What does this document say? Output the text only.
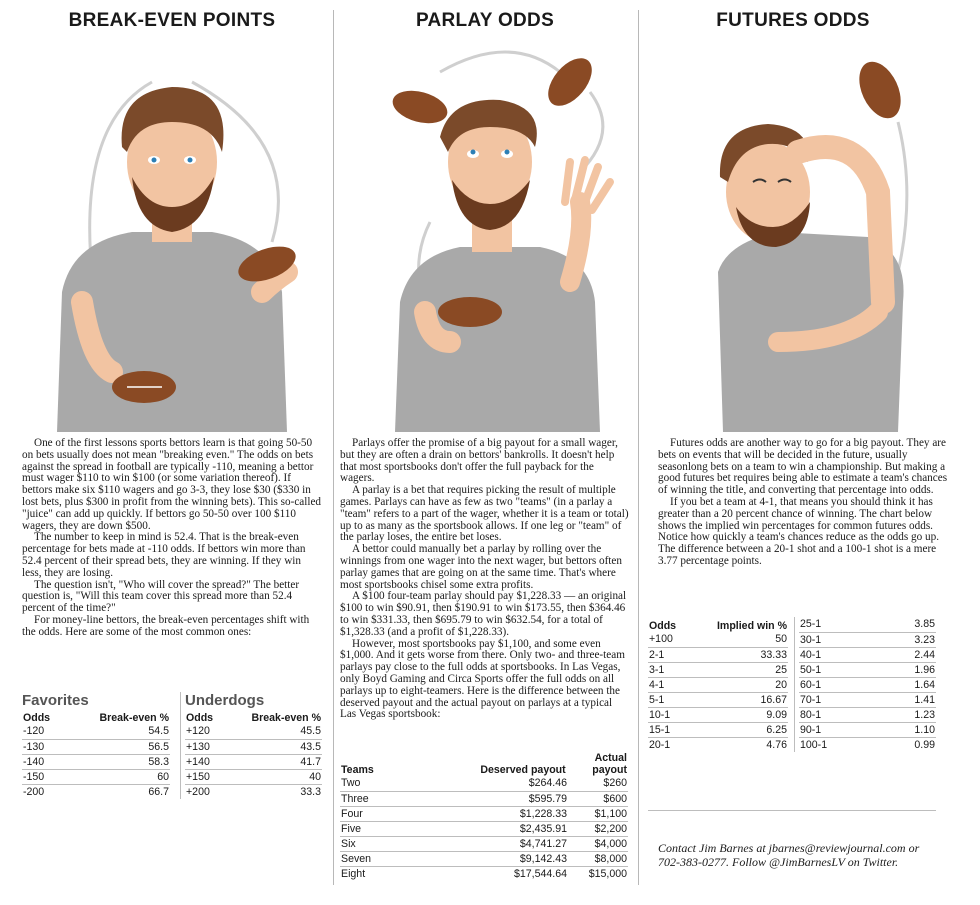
BREAK-EVEN POINTS

One of the first lessons sports bettors learn is that going 50-50 on bets usually does not mean "breaking even." The odds on bets against the spread in football are typically -110, meaning a bettor must wager $110 to win $100 (or some variation thereof). If bettors make six $110 wagers and go 3-3, they lose $30 ($330 in lost bets, plus $300 in profit from the winning bets). This so-called "juice" can add up quickly. If bettors go 50-50 over 100 $110 wagers, they are down $500.

The number to keep in mind is 52.4. That is the break-even percentage for bets made at -110 odds. If bettors win more than 52.4 percent of their spread bets, they are winning. If they win less, they are losing.

The question isn't, "Who will cover the spread?" The better question is, "Will this team cover this spread more than 52.4 percent of the time?"

For money-line bettors, the break-even percentages shift with the odds. Here are some of the most common ones:

Favorites
Odds	Break-even %
-120	54.5
-130	56.5
-140	58.3
-150	60
-200	66.7
Underdogs
Odds	Break-even %
+120	45.5
+130	43.5
+140	41.7
+150	40
+200	33.3
PARLAY ODDS

Parlays offer the promise of a big payout for a small wager, but they are often a drain on bettors' bankrolls. It doesn't help that most sportsbooks don't offer the full payback for the wagers.

A parlay is a bet that requires picking the result of multiple games. Parlays can have as few as two "teams" (in a parlay a "team" refers to a part of the wager, whether it is a team or total) up to as many as the sportsbook allows. If one leg or "team" of the parlay loses, the entire bet loses.

A bettor could manually bet a parlay by rolling over the winnings from one wager into the next wager, but bettors often parlay games that are going on at the same time. That's where most sportsbooks chisel some extra profits.

A $100 four-team parlay should pay $1,228.33 — an original $100 to win $90.91, then $190.91 to win $173.55, then $364.46 to win $331.33, then $695.79 to win $632.54, for a total of $1,328.33 (and a profit of $1,228.33).

However, most sportsbooks pay $1,100, and some even $1,000. And it gets worse from there. Only two- and three-team parlays pay close to the full odds at sportsbooks. In Las Vegas, only Boyd Gaming and Circa Sports offer the full odds on all parlays up to eight-teamers. Here is the difference between the deserved payout and the actual payout on parlays at a typical Las Vegas sportsbook:

Teams	Deserved payout	Actual payout
Two	$264.46	$260
Three	$595.79	$600
Four	$1,228.33	$1,100
Five	$2,435.91	$2,200
Six	$4,741.27	$4,000
Seven	$9,142.43	$8,000
Eight	$17,544.64	$15,000
FUTURES ODDS

Futures odds are another way to go for a big payout. They are bets on events that will be decided in the future, usually seasonlong bets on a team to win a championship. But making a good futures bet requires being able to estimate a team's chances of winning the title, and converting that percentage into odds.

If you bet a team at 4-1, that means you should think it has greater than a 20 percent chance of winning. The chart below shows the implied win percentages for common futures odds. Notice how quickly a team's chances reduce as the odds go up. The difference between a 20-1 shot and a 100-1 shot is a mere 3.77 percentage points.

Odds	Implied win %
+100	50
2-1	33.33
3-1	25
4-1	20
5-1	16.67
10-1	9.09
15-1	6.25
20-1	4.76
25-1	3.85
30-1	3.23
40-1	2.44
50-1	1.96
60-1	1.64
70-1	1.41
80-1	1.23
90-1	1.10
100-1	0.99

Contact Jim Barnes at jbarnes@reviewjournal.com or 702-383-0277. Follow @JimBarnesLV on Twitter.
